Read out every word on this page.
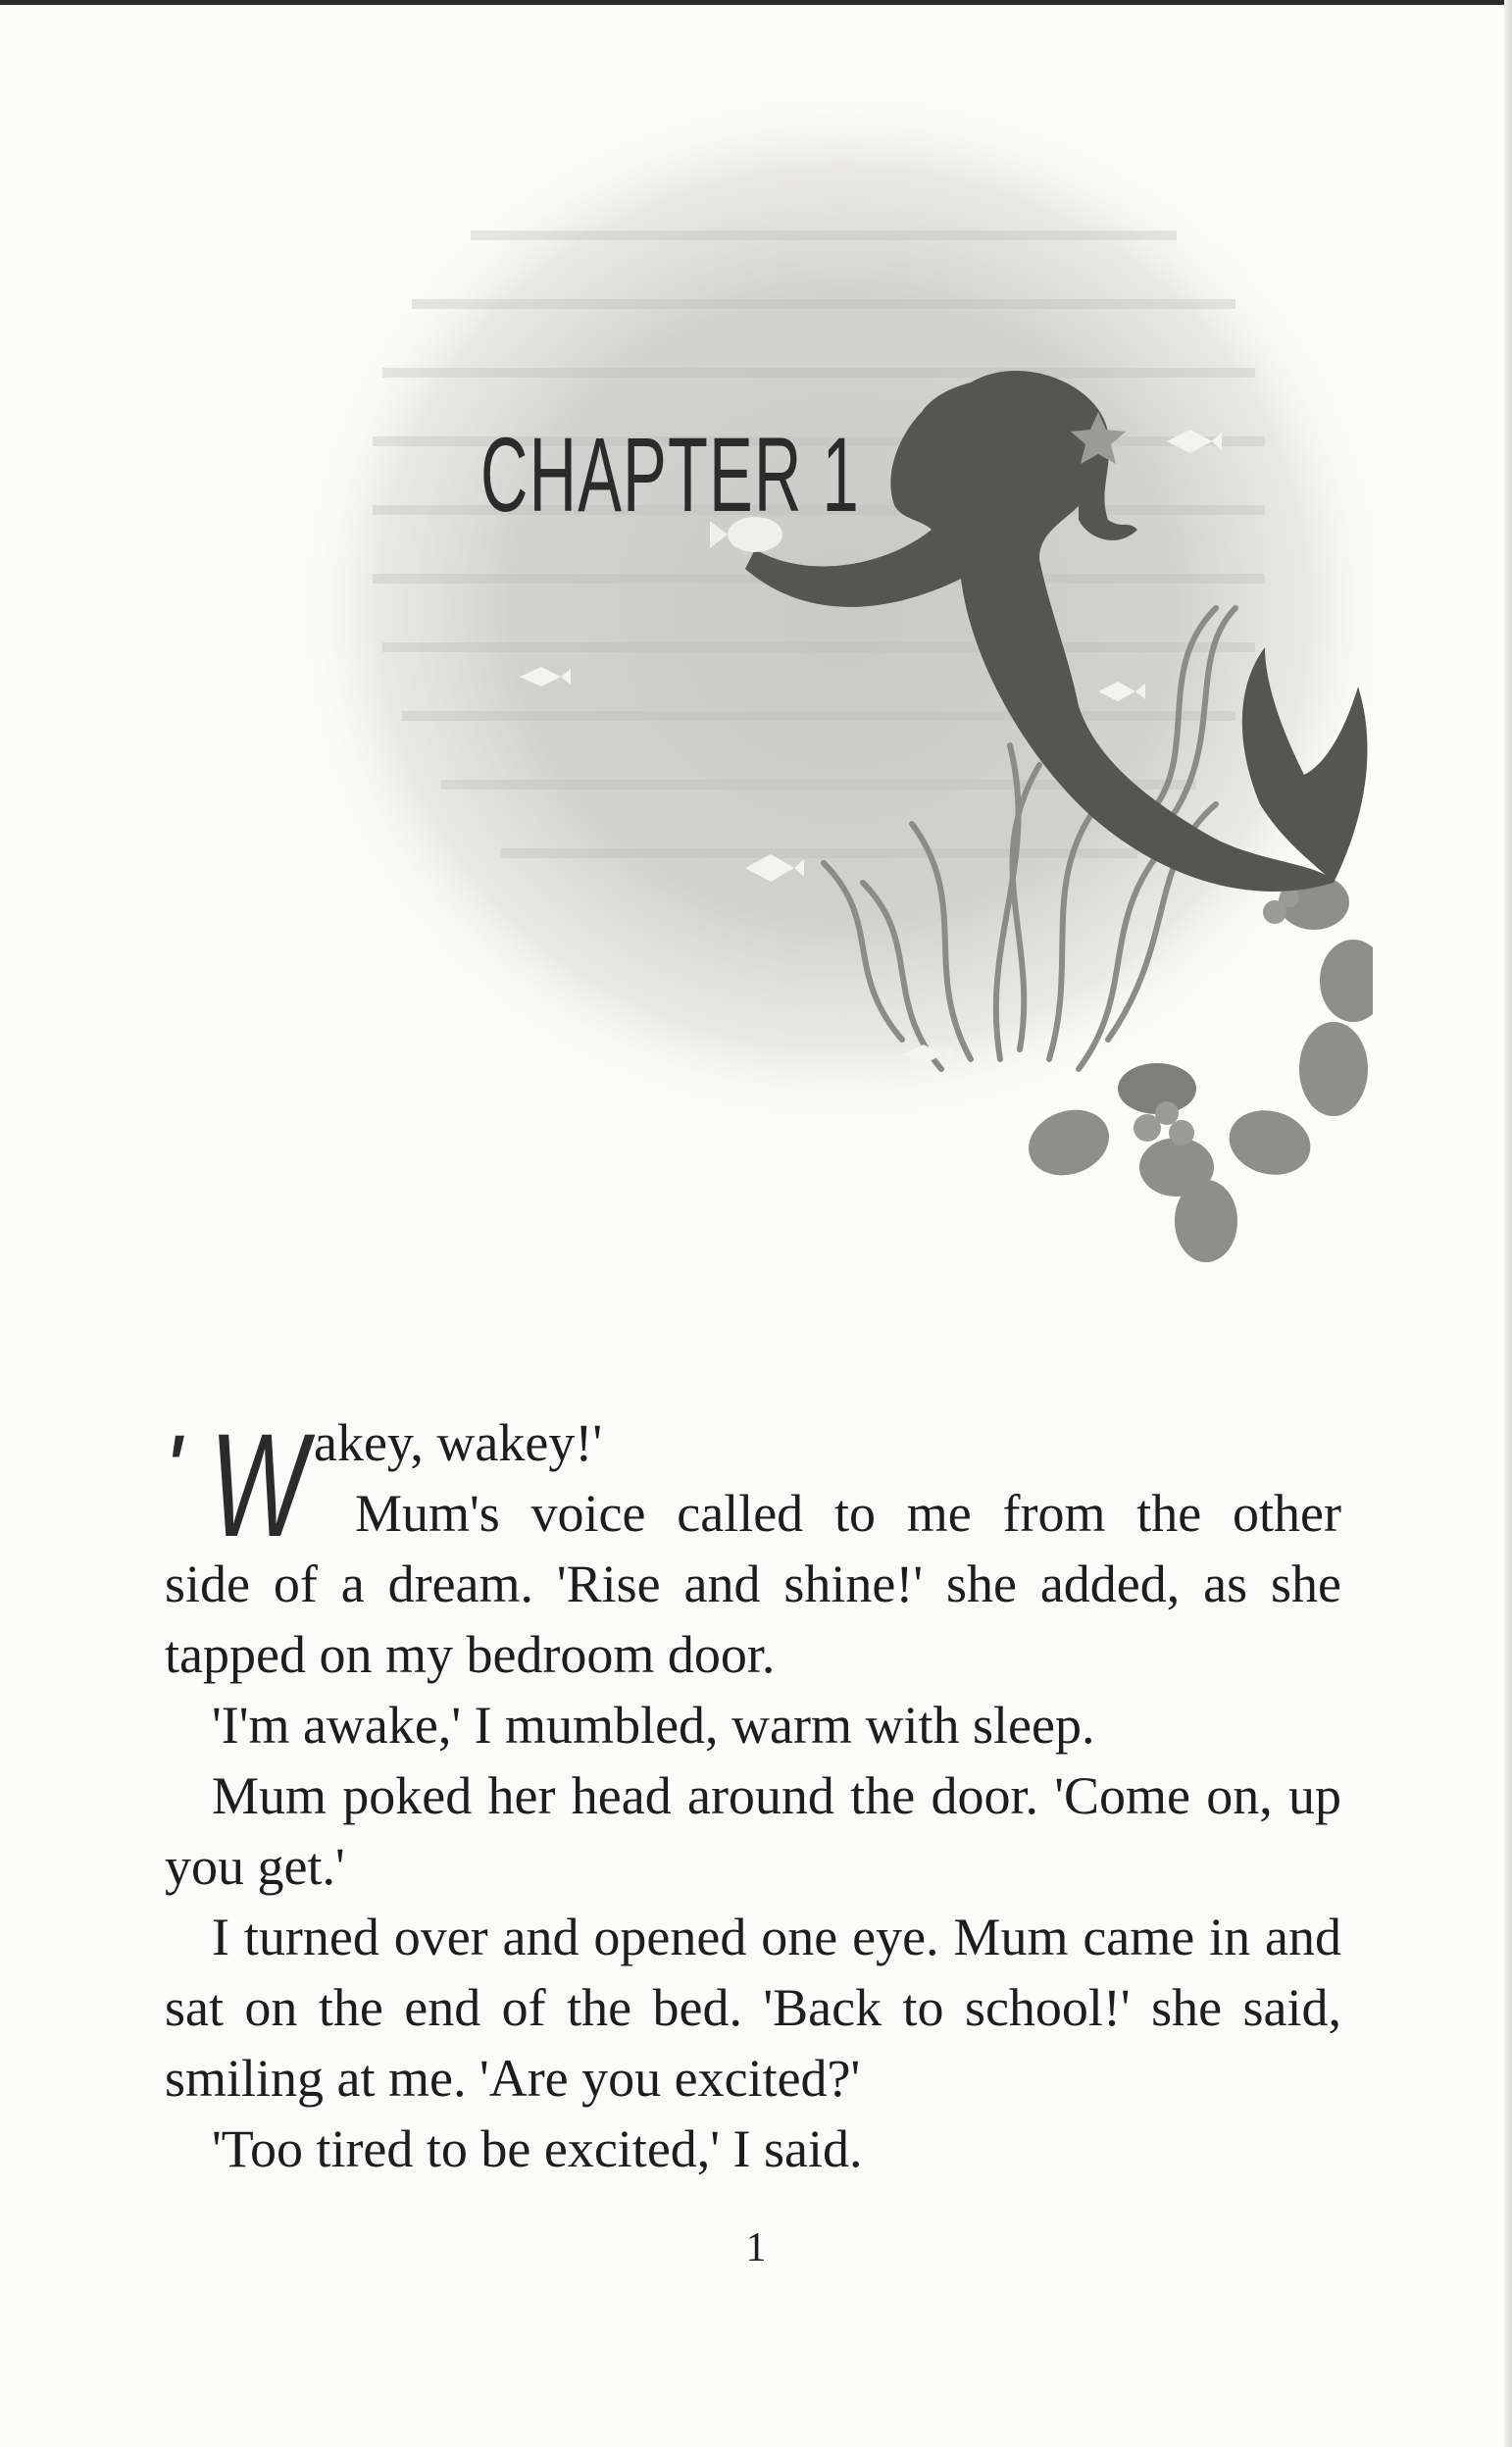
CHAPTER 1
' W akey, wakey!'
Mum's voice called to me from the other
side of a dream. 'Rise and shine!' she added, as she tapped on my bedroom door.

'I'm awake,' I mumbled, warm with sleep.

Mum poked her head around the door. 'Come on, up you get.'

I turned over and opened one eye. Mum came in and sat on the end of the bed. 'Back to school!' she said, smiling at me. 'Are you excited?'

'Too tired to be excited,' I said.

1
